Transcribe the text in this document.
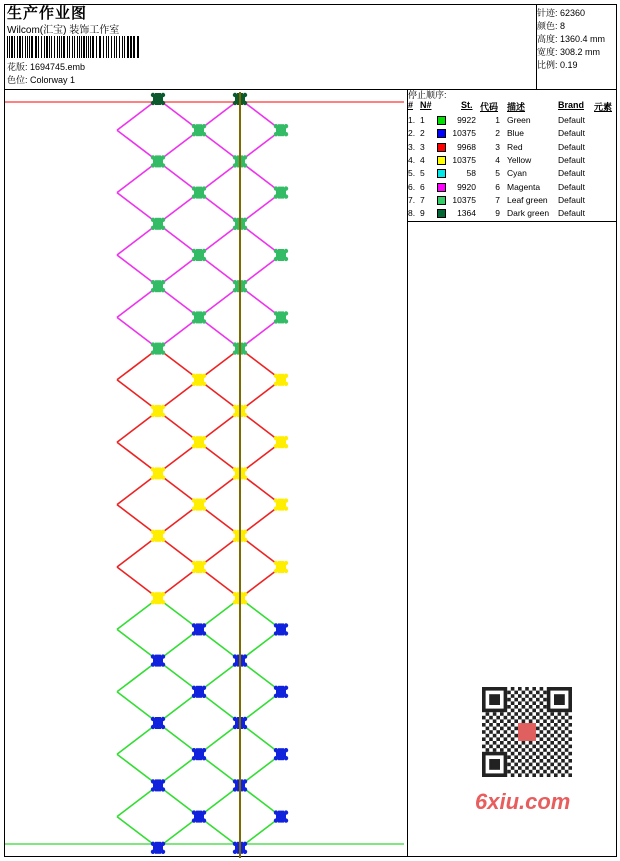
生产作业图
Wilcom(汇宝) 装饰工作室
花版: 1694745.emb
色位: Colorway 1
针迹: 62360
颜色: 8
高度: 1360.4 mm
宽度: 308.2 mm
比例: 0.19
停止顺序:
# N#	St. 代码 描述	Brand 元素
1. 1	9922 1 Green	Default
2. 2	10375 2 Blue	Default
3. 3	9968 3 Red	Default
4. 4	10375 4 Yellow	Default
5. 5	58 5 Cyan	Default
6. 6	9920 6 Magenta Default
7. 7	10375 7 Leaf green Default
8. 9	1364 9 Dark green Default
6xiu.com
